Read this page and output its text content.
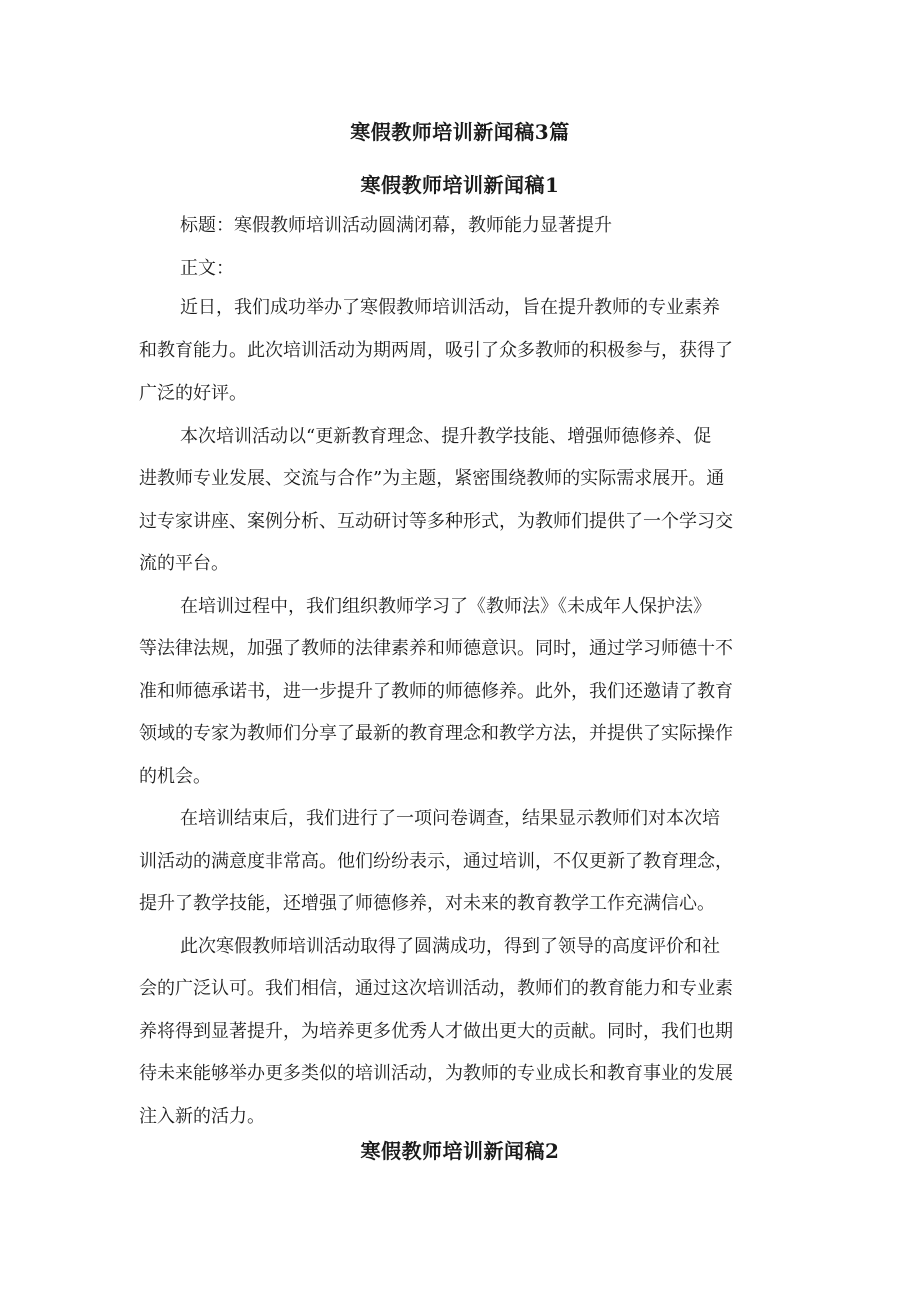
寒假教师培训新闻稿3篇
寒假教师培训新闻稿1

标题：寒假教师培训活动圆满闭幕，教师能力显著提升

正文：

近日，我们成功举办了寒假教师培训活动，旨在提升教师的专业素养

和教育能力。此次培训活动为期两周，吸引了众多教师的积极参与，获得了

广泛的好评。

本次培训活动以“更新教育理念、提升教学技能、增强师德修养、促

进教师专业发展、交流与合作”为主题，紧密围绕教师的实际需求展开。通

过专家讲座、案例分析、互动研讨等多种形式，为教师们提供了一个学习交

流的平台。

在培训过程中，我们组织教师学习了《教师法》《未成年人保护法》

等法律法规，加强了教师的法律素养和师德意识。同时，通过学习师德十不

准和师德承诺书，进一步提升了教师的师德修养。此外，我们还邀请了教育

领域的专家为教师们分享了最新的教育理念和教学方法，并提供了实际操作

的机会。

在培训结束后，我们进行了一项问卷调查，结果显示教师们对本次培

训活动的满意度非常高。他们纷纷表示，通过培训，不仅更新了教育理念，

提升了教学技能，还增强了师德修养，对未来的教育教学工作充满信心。

此次寒假教师培训活动取得了圆满成功，得到了领导的高度评价和社

会的广泛认可。我们相信，通过这次培训活动，教师们的教育能力和专业素

养将得到显著提升，为培养更多优秀人才做出更大的贡献。同时，我们也期

待未来能够举办更多类似的培训活动，为教师的专业成长和教育事业的发展

注入新的活力。

寒假教师培训新闻稿2
